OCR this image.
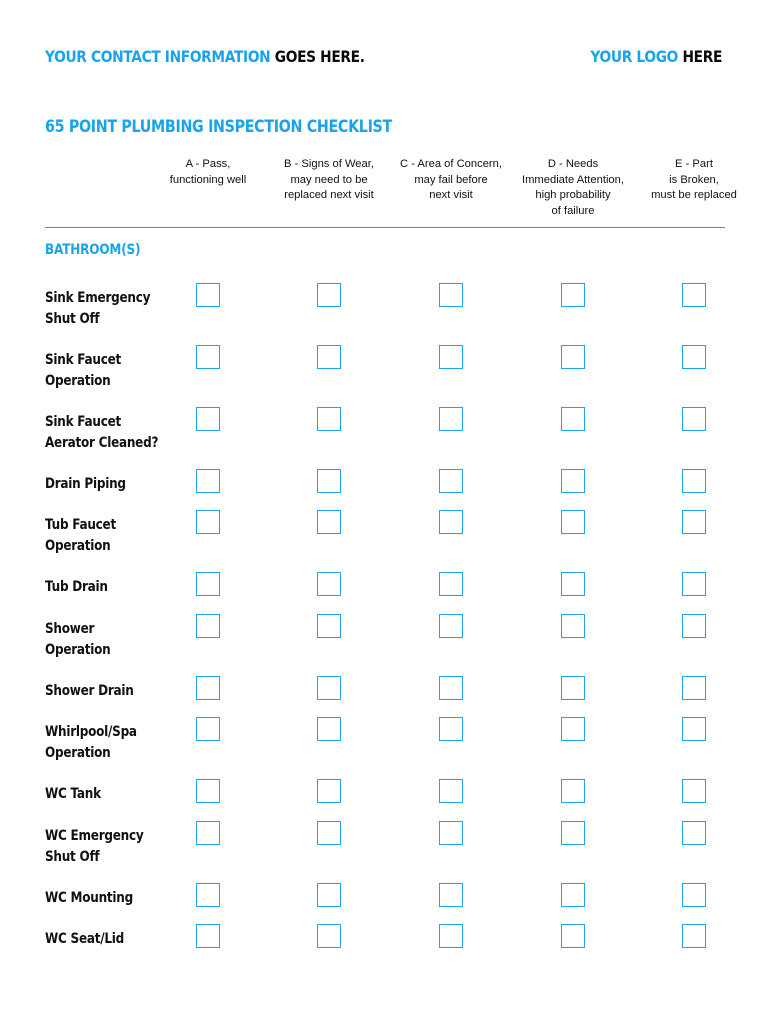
YOUR CONTACT INFORMATION GOES HERE.	YOUR LOGO HERE
65 POINT PLUMBING INSPECTION CHECKLIST
A - Pass,
functioning well
B - Signs of Wear,
may need to be
replaced next visit
C - Area of Concern,
may fail before
next visit
D - Needs
Immediate Attention,
high probability
of failure
E - Part
is Broken,
must be replaced
BATHROOM(S)
Sink Emergency
Shut Off
Sink Faucet
Operation
Sink Faucet
Aerator Cleaned?
Drain Piping
Tub Faucet
Operation
Tub Drain
Shower
Operation
Shower Drain
Whirlpool/Spa
Operation
WC Tank
WC Emergency
Shut Off
WC Mounting
WC Seat/Lid
